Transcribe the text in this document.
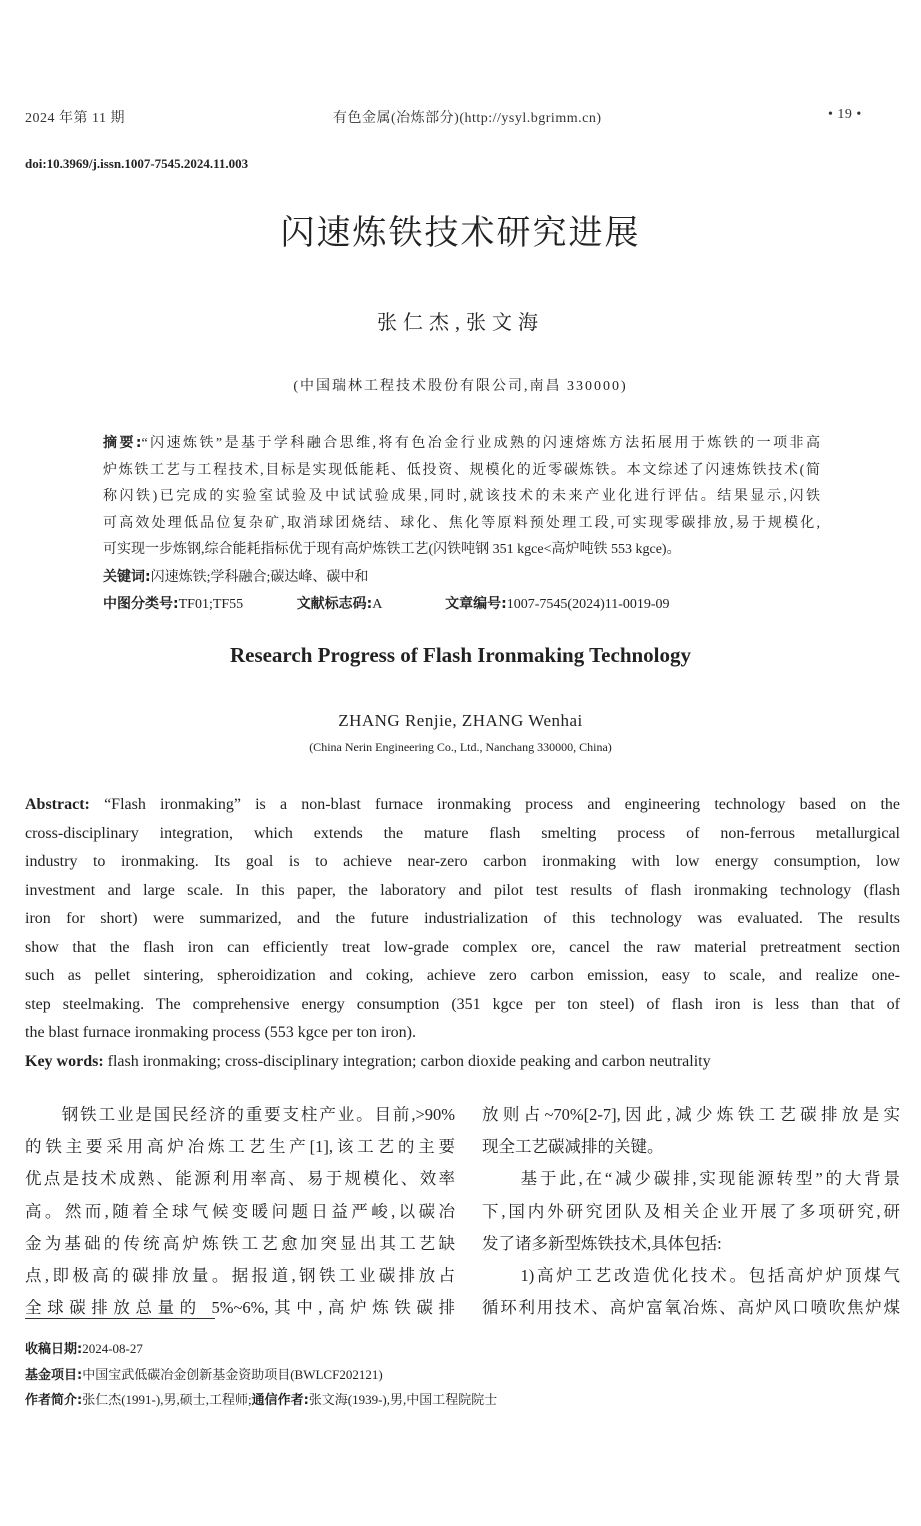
2024 年第 11 期	有色金属(冶炼部分)(http://ysyl.bgrimm.cn)	• 19 •
doi:10.3969/j.issn.1007-7545.2024.11.003
闪速炼铁技术研究进展
张仁杰,张文海
(中国瑞林工程技术股份有限公司,南昌 330000)
摘要:“闪速炼铁”是基于学科融合思维,将有色冶金行业成熟的闪速熔炼方法拓展用于炼铁的一项非高
炉炼铁工艺与工程技术,目标是实现低能耗、低投资、规模化的近零碳炼铁。本文综述了闪速炼铁技术(简
称闪铁)已完成的实验室试验及中试试验成果,同时,就该技术的未来产业化进行评估。结果显示,闪铁
可高效处理低品位复杂矿,取消球团烧结、球化、焦化等原料预处理工段,可实现零碳排放,易于规模化,
可实现一步炼钢,综合能耗指标优于现有高炉炼铁工艺(闪铁吨钢 351 kgce<高炉吨铁 553 kgce)。
关键词:闪速炼铁;学科融合;碳达峰、碳中和
中图分类号:TF01;TF55	文献标志码:A	文章编号:1007-7545(2024)11-0019-09
Research Progress of Flash Ironmaking Technology
ZHANG Renjie, ZHANG Wenhai
(China Nerin Engineering Co., Ltd., Nanchang 330000, China)
Abstract: “Flash ironmaking” is a non-blast furnace ironmaking process and engineering technology based on the
cross-disciplinary integration, which extends the mature flash smelting process of non-ferrous metallurgical
industry to ironmaking. Its goal is to achieve near-zero carbon ironmaking with low energy consumption, low
investment and large scale. In this paper, the laboratory and pilot test results of flash ironmaking technology (flash
iron for short) were summarized, and the future industrialization of this technology was evaluated. The results
show that the flash iron can efficiently treat low-grade complex ore, cancel the raw material pretreatment section
such as pellet sintering, spheroidization and coking, achieve zero carbon emission, easy to scale, and realize one-
step steelmaking. The comprehensive energy consumption (351 kgce per ton steel) of flash iron is less than that of
the blast furnace ironmaking process (553 kgce per ton iron).
Key words: flash ironmaking; cross-disciplinary integration; carbon dioxide peaking and carbon neutrality
　　钢铁工业是国民经济的重要支柱产业。目前,>90%
的铁主要采用高炉冶炼工艺生产[1],该工艺的主要
优点是技术成熟、能源利用率高、易于规模化、效率
高。然而,随着全球气候变暖问题日益严峻,以碳冶
金为基础的传统高炉炼铁工艺愈加突显出其工艺缺
点,即极高的碳排放量。据报道,钢铁工业碳排放占
全球碳排放总量的 5%~6%,其中,高炉炼铁碳排
放则占~70%[2-7],因此,减少炼铁工艺碳排放是实
现全工艺碳减排的关键。
　　基于此,在“减少碳排,实现能源转型”的大背景
下,国内外研究团队及相关企业开展了多项研究,研
发了诸多新型炼铁技术,具体包括:
　　1)高炉工艺改造优化技术。包括高炉炉顶煤气
循环利用技术、高炉富氧冶炼、高炉风口喷吹焦炉煤
收稿日期:2024-08-27
基金项目:中国宝武低碳冶金创新基金资助项目(BWLCF202121)
作者简介:张仁杰(1991-),男,硕士,工程师;通信作者:张文海(1939-),男,中国工程院院士
